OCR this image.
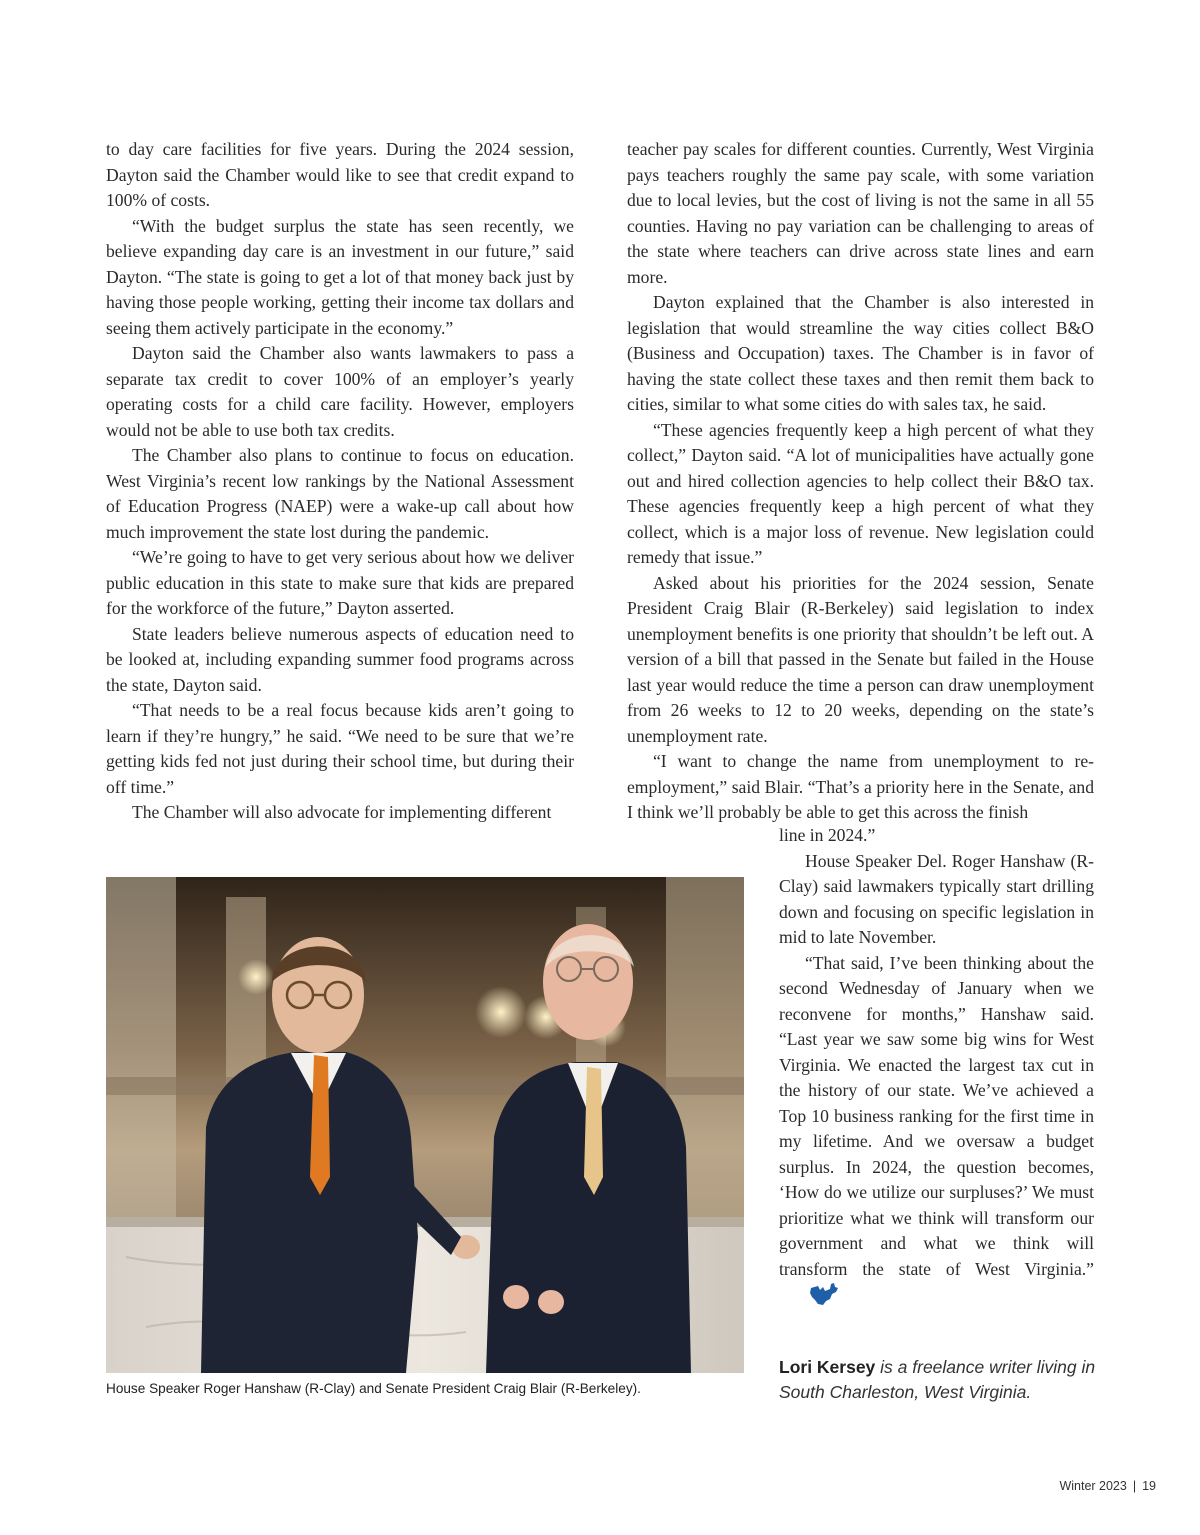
to day care facilities for five years. During the 2024 session, Dayton said the Chamber would like to see that credit expand to 100% of costs.

“With the budget surplus the state has seen recently, we believe expanding day care is an investment in our future,” said Dayton. “The state is going to get a lot of that money back just by having those people working, getting their income tax dollars and seeing them actively participate in the economy.”

Dayton said the Chamber also wants lawmakers to pass a separate tax credit to cover 100% of an employer’s yearly operating costs for a child care facility. However, employers would not be able to use both tax credits.

The Chamber also plans to continue to focus on education. West Virginia’s recent low rankings by the National Assessment of Education Progress (NAEP) were a wake-up call about how much improvement the state lost during the pandemic.

“We’re going to have to get very serious about how we deliver public education in this state to make sure that kids are prepared for the workforce of the future,” Dayton asserted.

State leaders believe numerous aspects of education need to be looked at, including expanding summer food programs across the state, Dayton said.

“That needs to be a real focus because kids aren’t going to learn if they’re hungry,” he said. “We need to be sure that we’re getting kids fed not just during their school time, but during their off time.”

The Chamber will also advocate for implementing different

teacher pay scales for different counties. Currently, West Virginia pays teachers roughly the same pay scale, with some variation due to local levies, but the cost of living is not the same in all 55 counties. Having no pay variation can be challenging to areas of the state where teachers can drive across state lines and earn more.

Dayton explained that the Chamber is also interested in legislation that would streamline the way cities collect B&O (Business and Occupation) taxes. The Chamber is in favor of having the state collect these taxes and then remit them back to cities, similar to what some cities do with sales tax, he said.

“These agencies frequently keep a high percent of what they collect,” Dayton said. “A lot of municipalities have actually gone out and hired collection agencies to help collect their B&O tax. These agencies frequently keep a high percent of what they collect, which is a major loss of revenue. New legislation could remedy that issue.”

Asked about his priorities for the 2024 session, Senate President Craig Blair (R-Berkeley) said legislation to index unemployment benefits is one priority that shouldn’t be left out. A version of a bill that passed in the Senate but failed in the House last year would reduce the time a person can draw unemployment from 26 weeks to 12 to 20 weeks, depending on the state’s unemployment rate.

“I want to change the name from unemployment to re-employment,” said Blair. “That’s a priority here in the Senate, and I think we’ll probably be able to get this across the finish

line in 2024.”

House Speaker Del. Roger Hanshaw (R-Clay) said lawmakers typically start drilling down and focusing on specific legislation in mid to late November.

“That said, I’ve been thinking about the second Wednesday of January when we reconvene for months,” Hanshaw said. “Last year we saw some big wins for West Virginia. We enacted the largest tax cut in the history of our state. We’ve achieved a Top 10 business ranking for the first time in my lifetime. And we oversaw a budget surplus. In 2024, the question becomes, ‘How do we utilize our surpluses?’ We must prioritize what we think will transform our government and what we think will transform the state of West Virginia.”

House Speaker Roger Hanshaw (R-Clay) and Senate President Craig Blair (R-Berkeley).
Lori Kersey is a freelance writer living in South Charleston, West Virginia.
Winter 2023 | 19
